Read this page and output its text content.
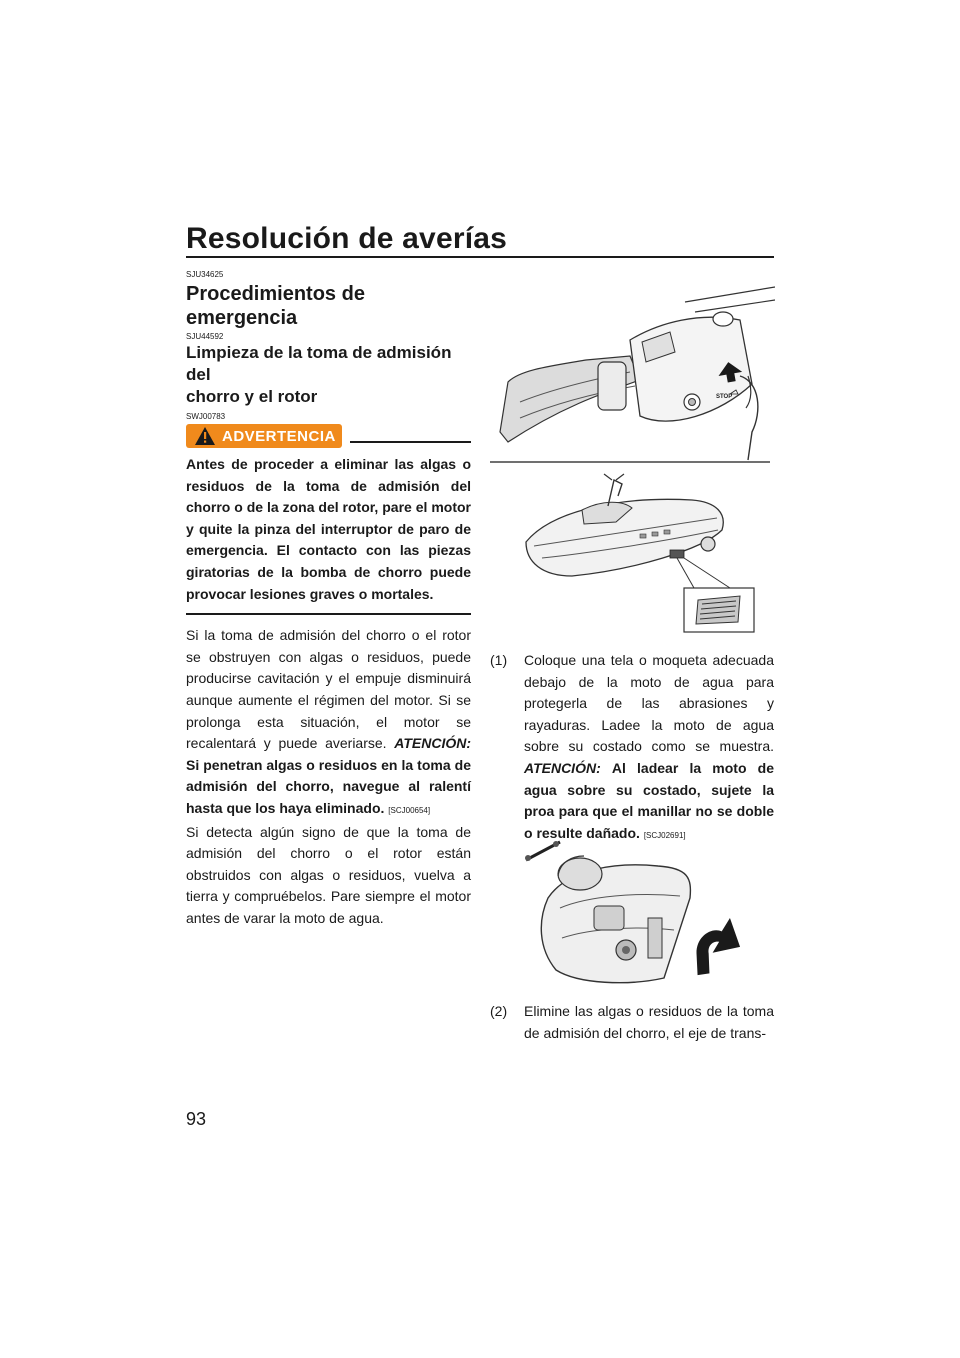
Resolución de averías
SJU34625
Procedimientos de emergencia
SJU44592
Limpieza de la toma de admisión del
chorro y el rotor
SWJ00783
ADVERTENCIA

Antes de proceder a eliminar las algas o residuos de la toma de admisión del chorro o de la zona del rotor, pare el motor y quite la pinza del interruptor de paro de emergencia. El contacto con las piezas giratorias de la bomba de chorro puede provocar lesiones graves o mortales.

Si la toma de admisión del chorro o el rotor se obstruyen con algas o residuos, puede producirse cavitación y el empuje disminuirá aunque aumente el régimen del motor. Si se prolonga esta situación, el motor se recalentará y puede averiarse. ATENCIÓN: Si penetran algas o residuos en la toma de admisión del chorro, navegue al ralentí hasta que los haya eliminado. [SCJ00654]

Si detecta algún signo de que la toma de admisión del chorro o el rotor están obstruidos con algas o residuos, vuelva a tierra y compruébelos. Pare siempre el motor antes de varar la moto de agua.

STOP
(1) Coloque una tela o moqueta adecuada debajo de la moto de agua para protegerla de las abrasiones y rayaduras. Ladee la moto de agua sobre su costado como se muestra. ATENCIÓN: Al ladear la moto de agua sobre su costado, sujete la proa para que el manillar no se doble o resulte dañado. [SCJ02691]
(2) Elimine las algas o residuos de la toma de admisión del chorro, el eje de trans-
93
